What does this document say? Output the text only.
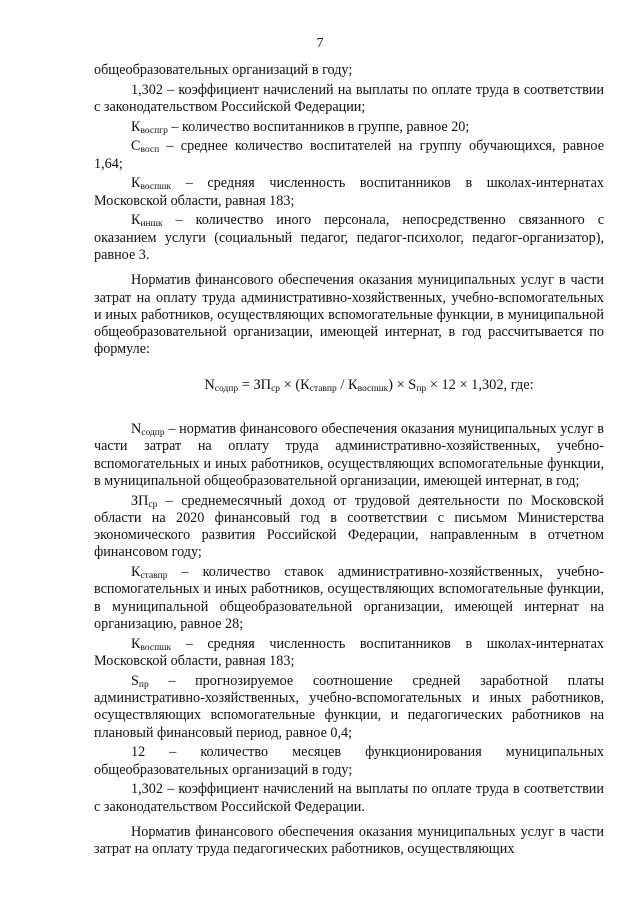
7

общеобразовательных организаций в году;

1,302 – коэффициент начислений на выплаты по оплате труда в соответствии с законодательством Российской Федерации;

$К_{воспгр}$ – количество воспитанников в группе, равное 20;

$С_{восп}$ – среднее количество воспитателей на группу обучающихся, равное 1,64;

$К_{воспшк}$ – средняя численность воспитанников в школах-интернатах Московской области, равная 183;

$К_{иншк}$ – количество иного персонала, непосредственно связанного с оказанием услуги (социальный педагог, педагог-психолог, педагог-организатор), равное 3.

Норматив финансового обеспечения оказания муниципальных услуг в части затрат на оплату труда административно-хозяйственных, учебно-вспомогательных и иных работников, осуществляющих вспомогательные функции, в муниципальной общеобразовательной организации, имеющей интернат, в год рассчитывается по формуле:

$N_{содпр} = ЗП_{ср} \times (К_{ставпр} / К_{воспшк}) \times S_{пр} \times 12 \times 1,302$, где:

$N_{содпр}$ – норматив финансового обеспечения оказания муниципальных услуг в части затрат на оплату труда административно-хозяйственных, учебно-вспомогательных и иных работников, осуществляющих вспомогательные функции, в муниципальной общеобразовательной организации, имеющей интернат, в год;

$ЗП_{ср}$ – среднемесячный доход от трудовой деятельности по Московской области на 2020 финансовый год в соответствии с письмом Министерства экономического развития Российской Федерации, направленным в отчетном финансовом году;

$К_{ставпр}$ – количество ставок административно-хозяйственных, учебно-вспомогательных и иных работников, осуществляющих вспомогательные функции, в муниципальной общеобразовательной организации, имеющей интернат на организацию, равное 28;

$К_{воспшк}$ – средняя численность воспитанников в школах-интернатах Московской области, равная 183;

$S_{пр}$ – прогнозируемое соотношение средней заработной платы административно-хозяйственных, учебно-вспомогательных и иных работников, осуществляющих вспомогательные функции, и педагогических работников на плановый финансовый период, равное 0,4;

12 – количество месяцев функционирования муниципальных общеобразовательных организаций в году;

1,302 – коэффициент начислений на выплаты по оплате труда в соответствии с законодательством Российской Федерации.

Норматив финансового обеспечения оказания муниципальных услуг в части затрат на оплату труда педагогических работников, осуществляющих
